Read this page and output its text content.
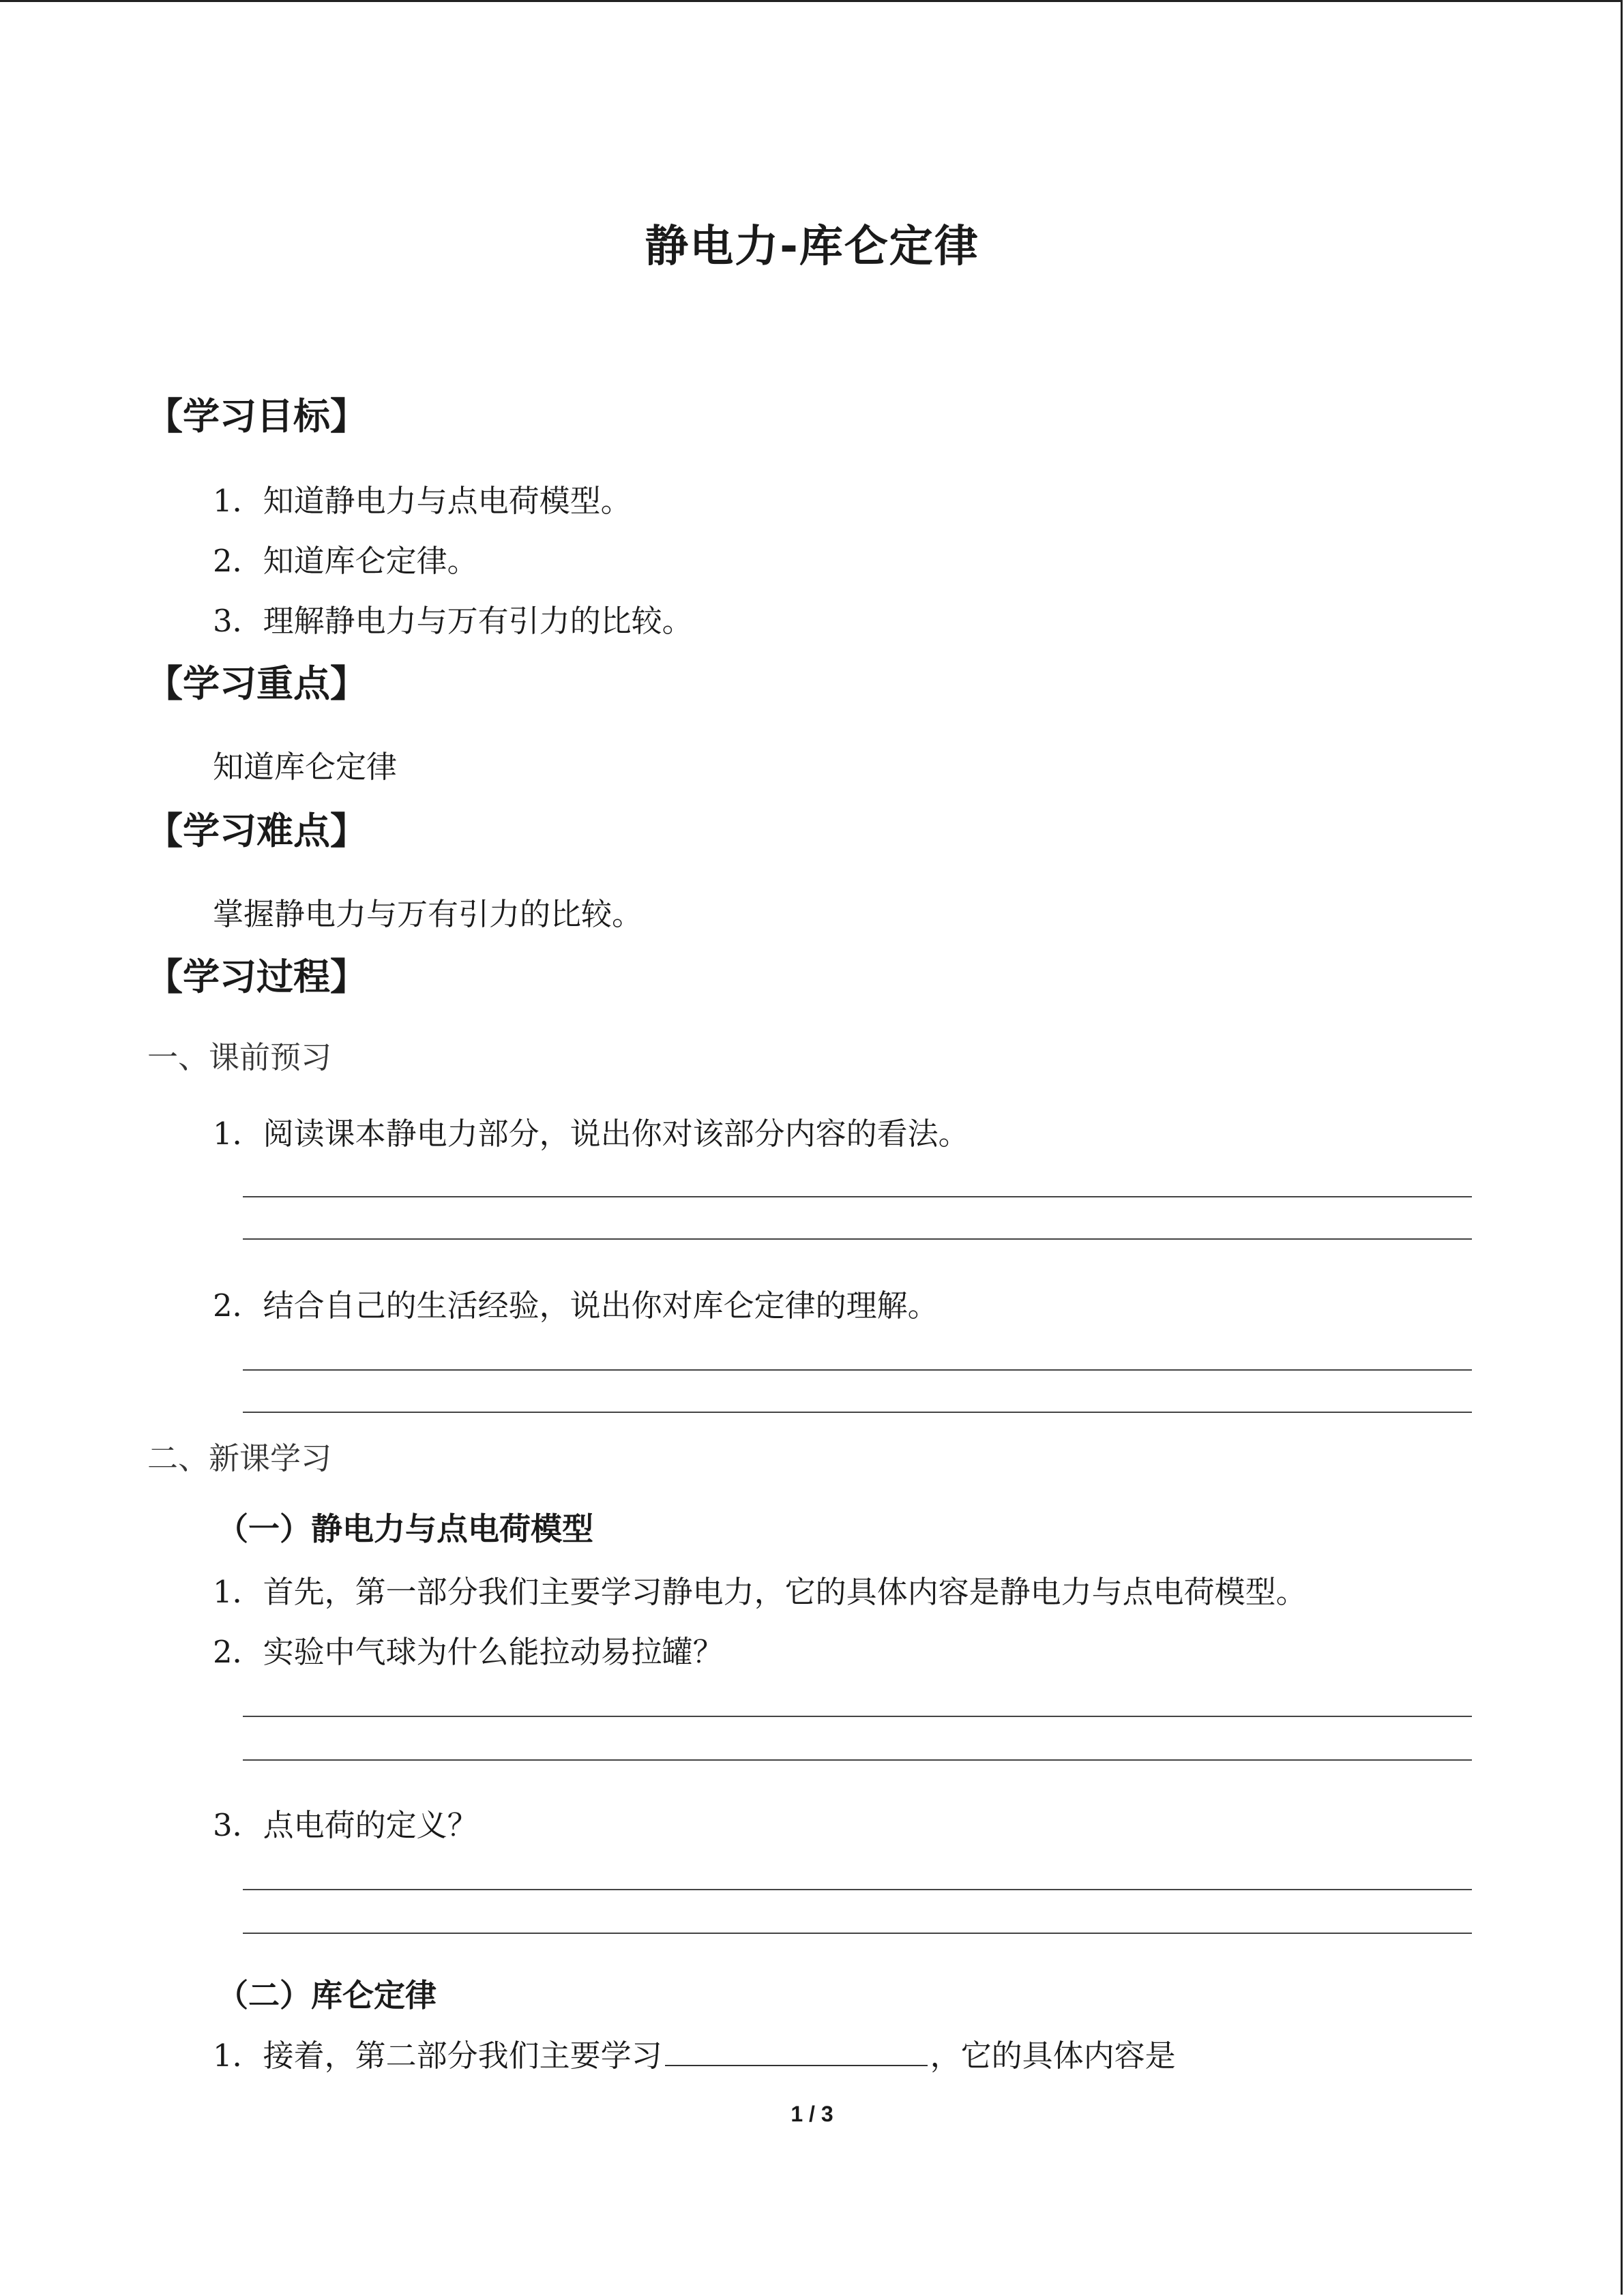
静电力-库仑定律
【学习目标】
1．知道静电力与点电荷模型。
2．知道库仑定律。
3．理解静电力与万有引力的比较。
【学习重点】
知道库仑定律
【学习难点】
掌握静电力与万有引力的比较。
【学习过程】
一、课前预习
1．阅读课本静电力部分，说出你对该部分内容的看法。
2．结合自己的生活经验，说出你对库仑定律的理解。
二、新课学习
（一）静电力与点电荷模型
1．首先，第一部分我们主要学习静电力，它的具体内容是静电力与点电荷模型。
2．实验中气球为什么能拉动易拉罐？
3．点电荷的定义？
（二）库仑定律
1．接着，第二部分我们主要学习	，它的具体内容是
1 / 3
